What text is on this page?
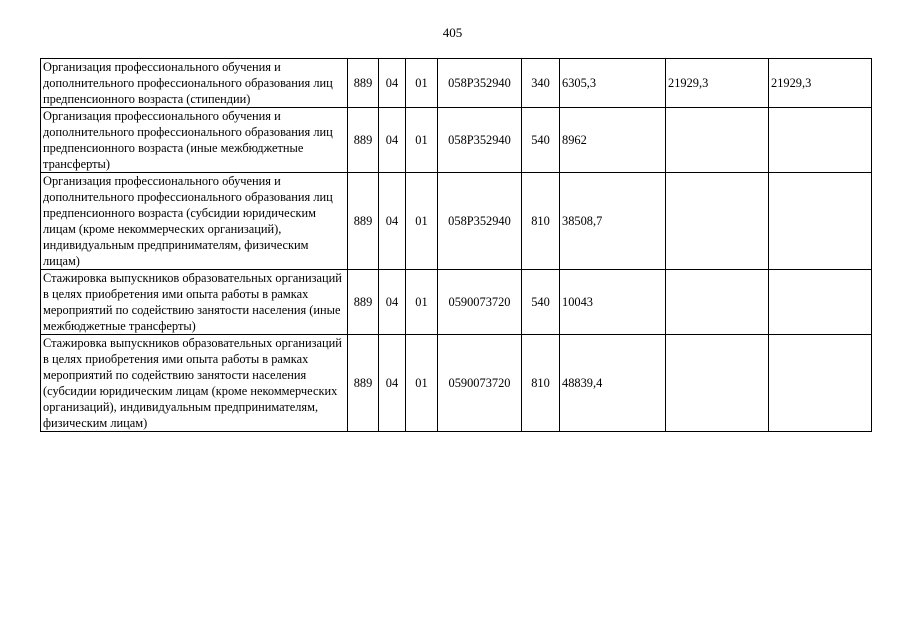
405
Организация профессионального обучения и дополнительного профессионального образования лиц предпенсионного возраста (стипендии)	889	04	01	058P352940	340	6305,3	21929,3	21929,3
Организация профессионального обучения и дополнительного профессионального образования лиц предпенсионного возраста (иные межбюджетные трансферты)	889	04	01	058P352940	540	8962		
Организация профессионального обучения и дополнительного профессионального образования лиц предпенсионного возраста (субсидии юридическим лицам (кроме некоммерческих организаций), индивидуальным предпринимателям, физическим лицам)	889	04	01	058P352940	810	38508,7		
Стажировка выпускников образовательных организаций в целях приобретения ими опыта работы в рамках мероприятий по содействию занятости населения (иные межбюджетные трансферты)	889	04	01	0590073720	540	10043		
Стажировка выпускников образовательных организаций в целях приобретения ими опыта работы в рамках мероприятий по содействию занятости населения (субсидии юридическим лицам (кроме некоммерческих организаций), индивидуальным предпринимателям, физическим лицам)	889	04	01	0590073720	810	48839,4		
